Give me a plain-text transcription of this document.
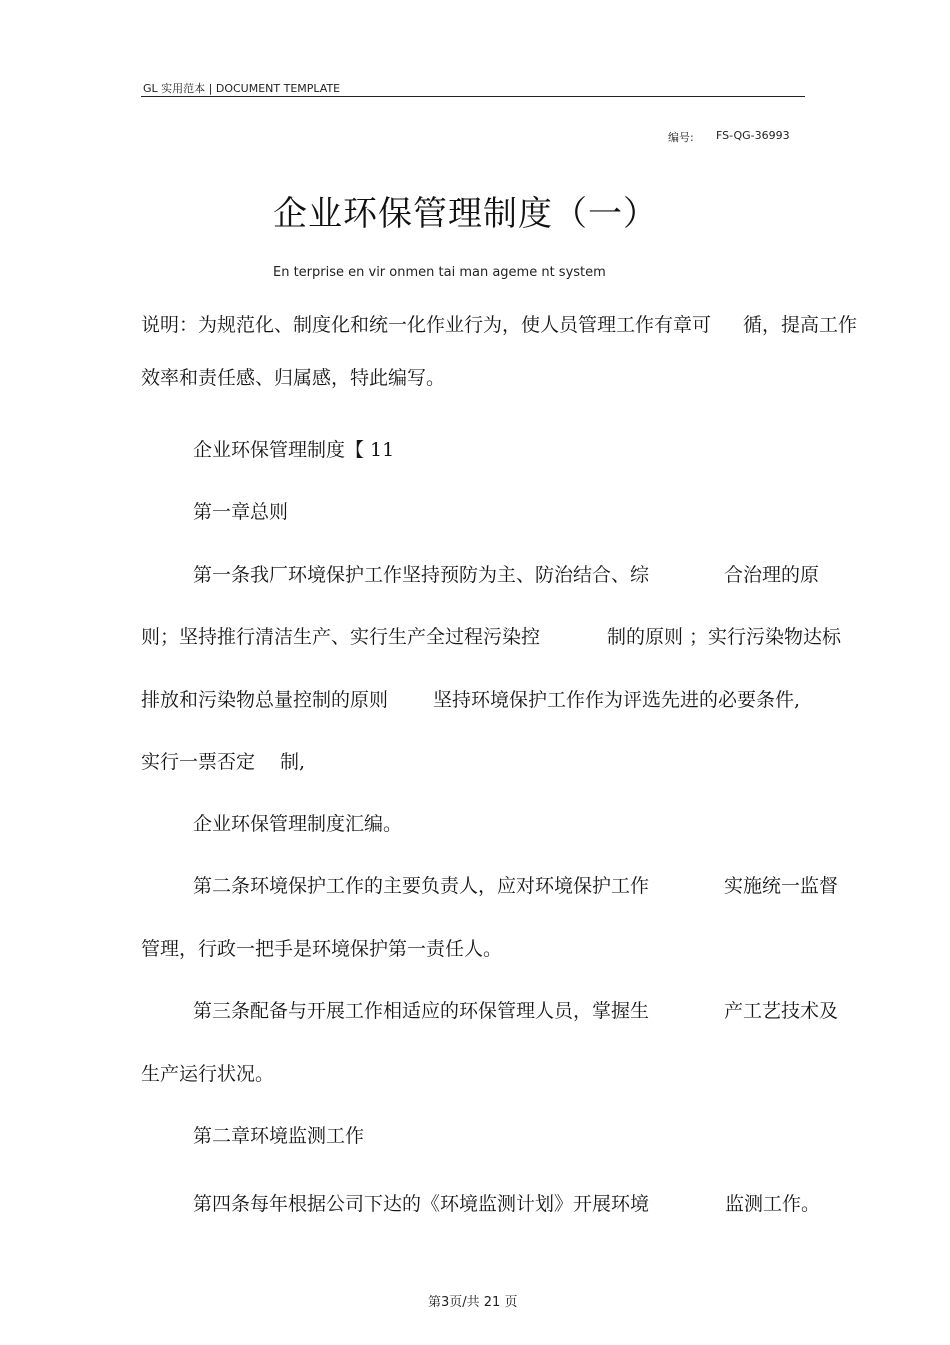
GL 实用范本 | DOCUMENT TEMPLATE
编号: FS-QG-36993
企业环保管理制度（一）
En terprise en vir onmen tai man ageme nt system
说明：为规范化、制度化和统一化作业行为，使人员管理工作有章可 循，提高工作
效率和责任感、归属感，特此编写。
企业环保管理制度【 11
第一章总则
第一条我厂环境保护工作坚持预防为主、防治结合、综	合治理的原
则；坚持推行清洁生产、实行生产全过程污染控	制的原则 ；实行污染物达标
排放和污染物总量控制的原则 坚持环境保护工作作为评选先进的必要条件,
实行一票否定 制,
企业环保管理制度汇编。
第二条环境保护工作的主要负责人，应对环境保护工作	实施统一监督
管理，行政一把手是环境保护第一责任人。
第三条配备与开展工作相适应的环保管理人员，掌握生	产工艺技术及
生产运行状况。
第二章环境监测工作
第四条每年根据公司下达的《环境监测计划》开展环境	监测工作。
第3页/共 21 页
